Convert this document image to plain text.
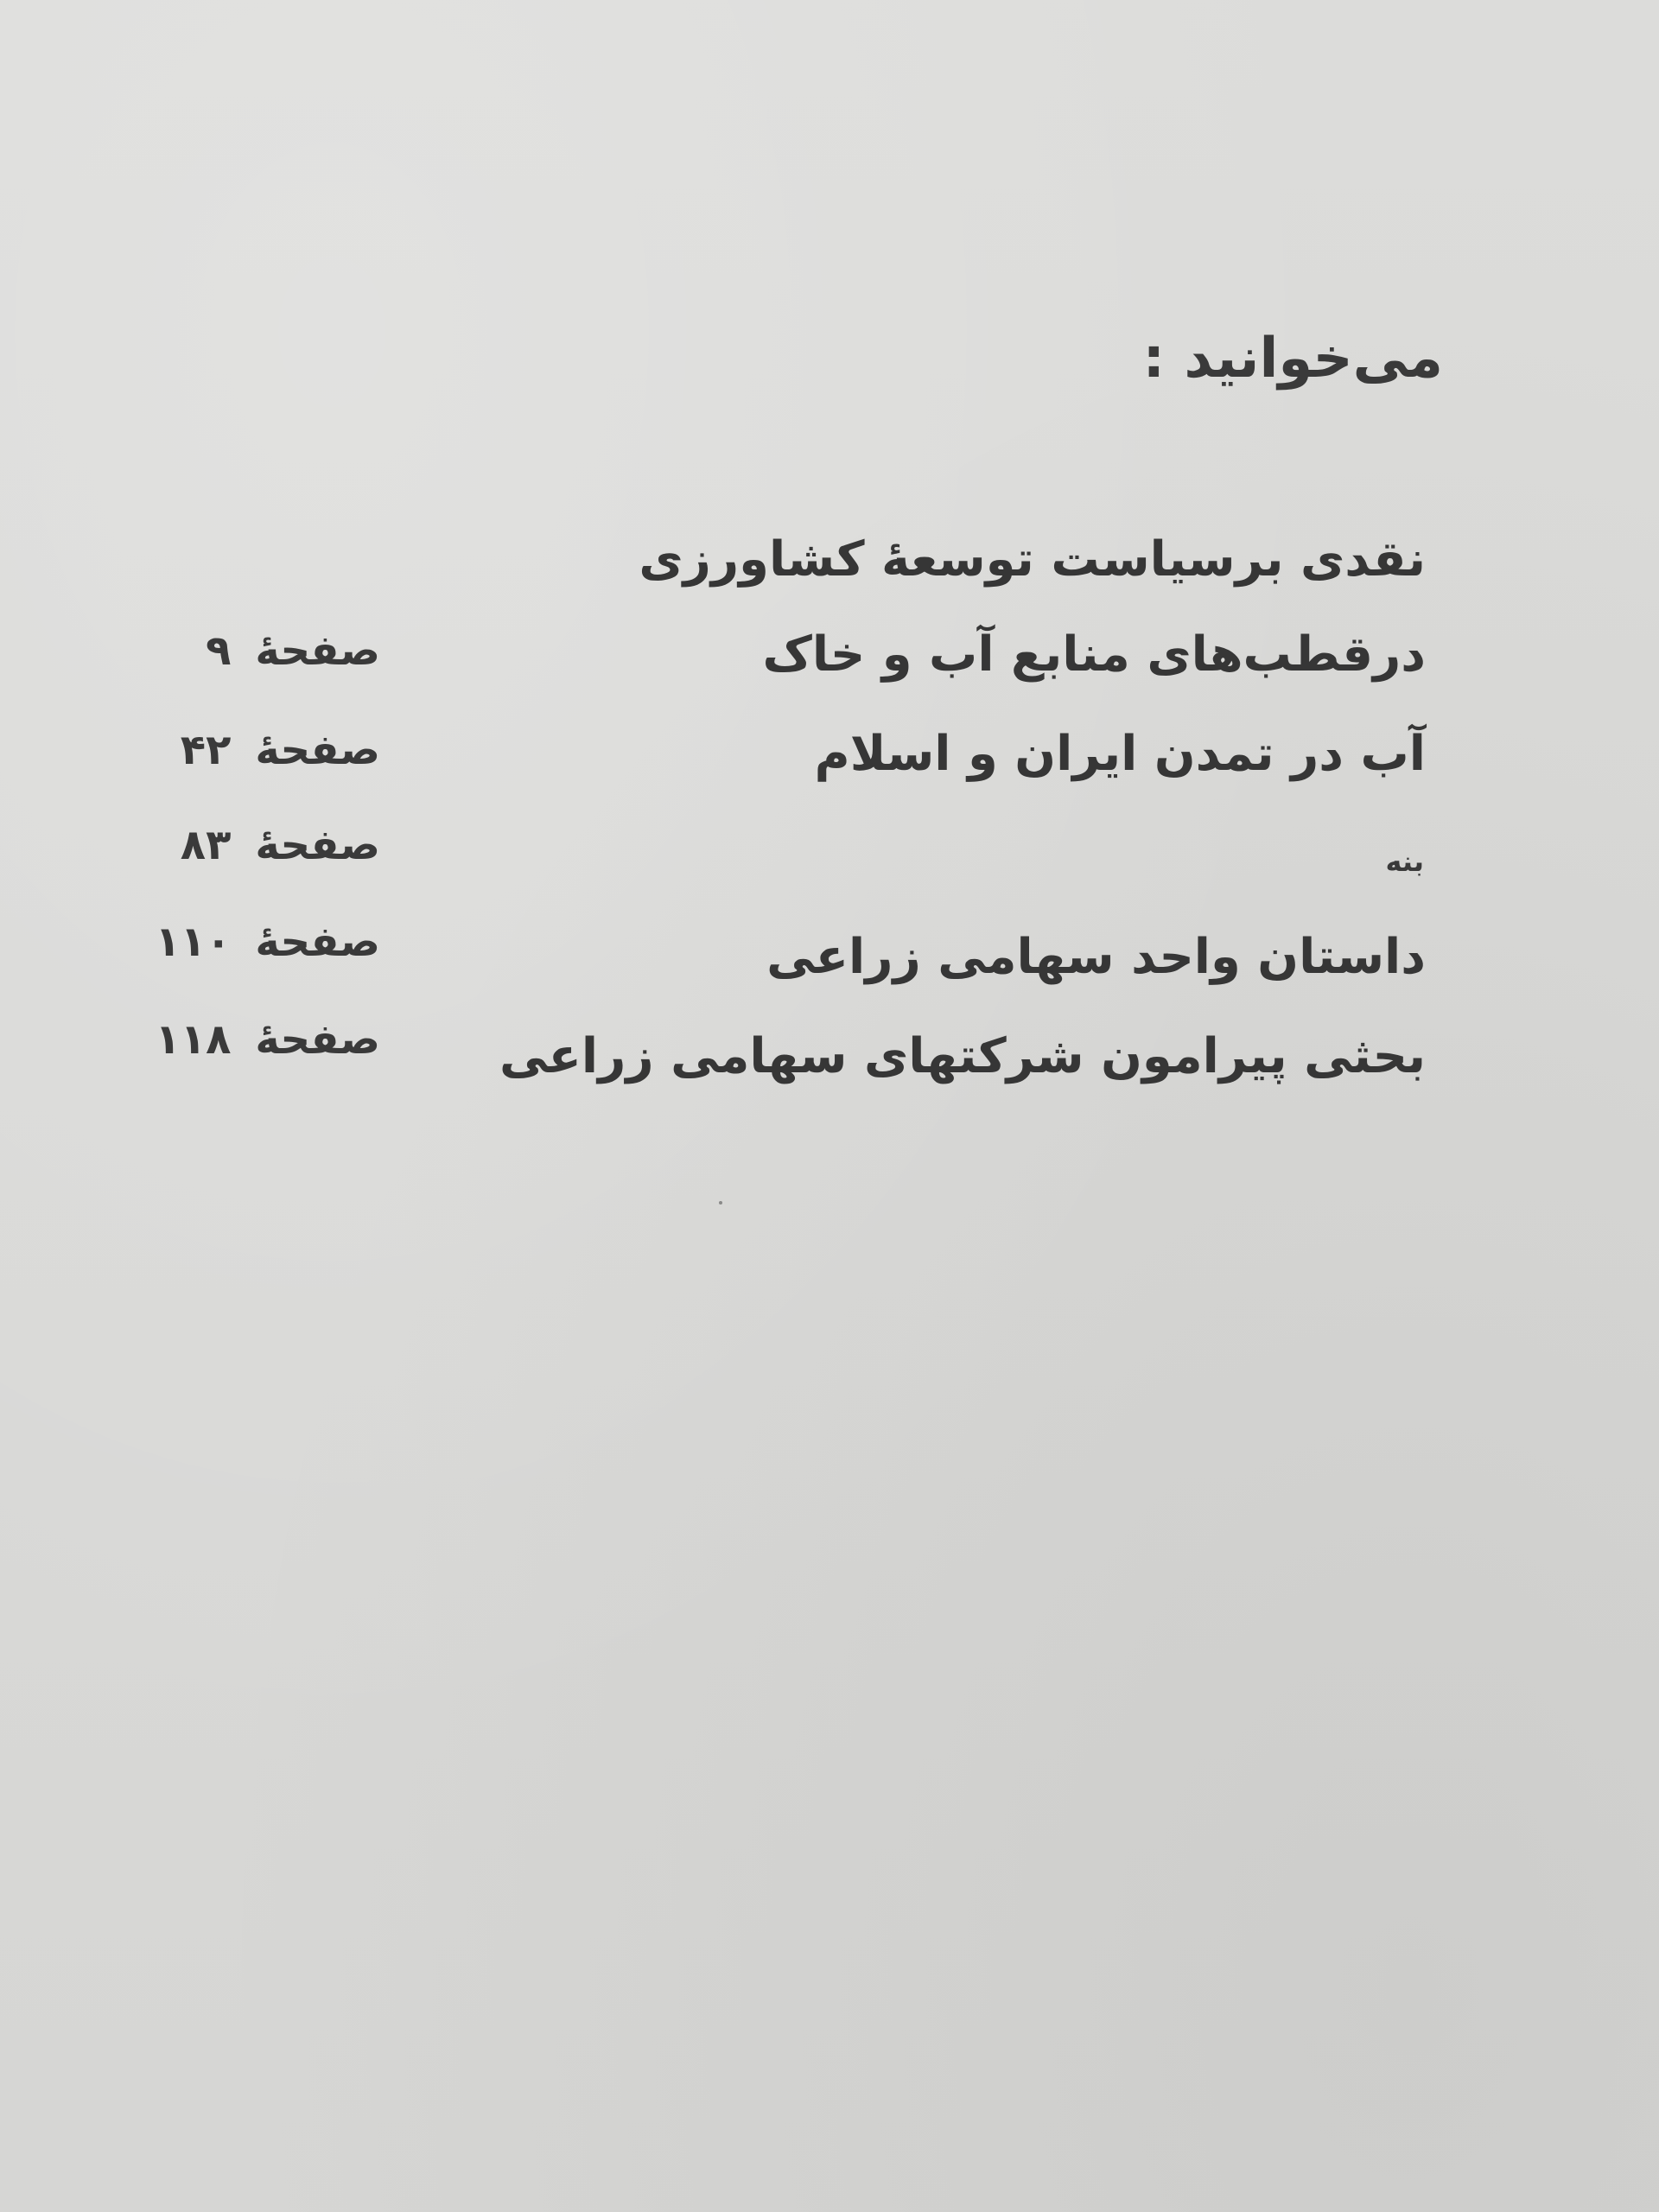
می‌خوانید :
نقدی برسیاست توسعهٔ کشاورزی
درقطب‌های منابع آب و خاک
صفحهٔ۹
آب در تمدن ایران و اسلام
صفحهٔ۴۲
بنه
صفحهٔ۸۳
داستان واحد سهامی زراعی
صفحهٔ۱۱۰
بحثی پیرامون شرکتهای سهامی زراعی
صفحهٔ۱۱۸
